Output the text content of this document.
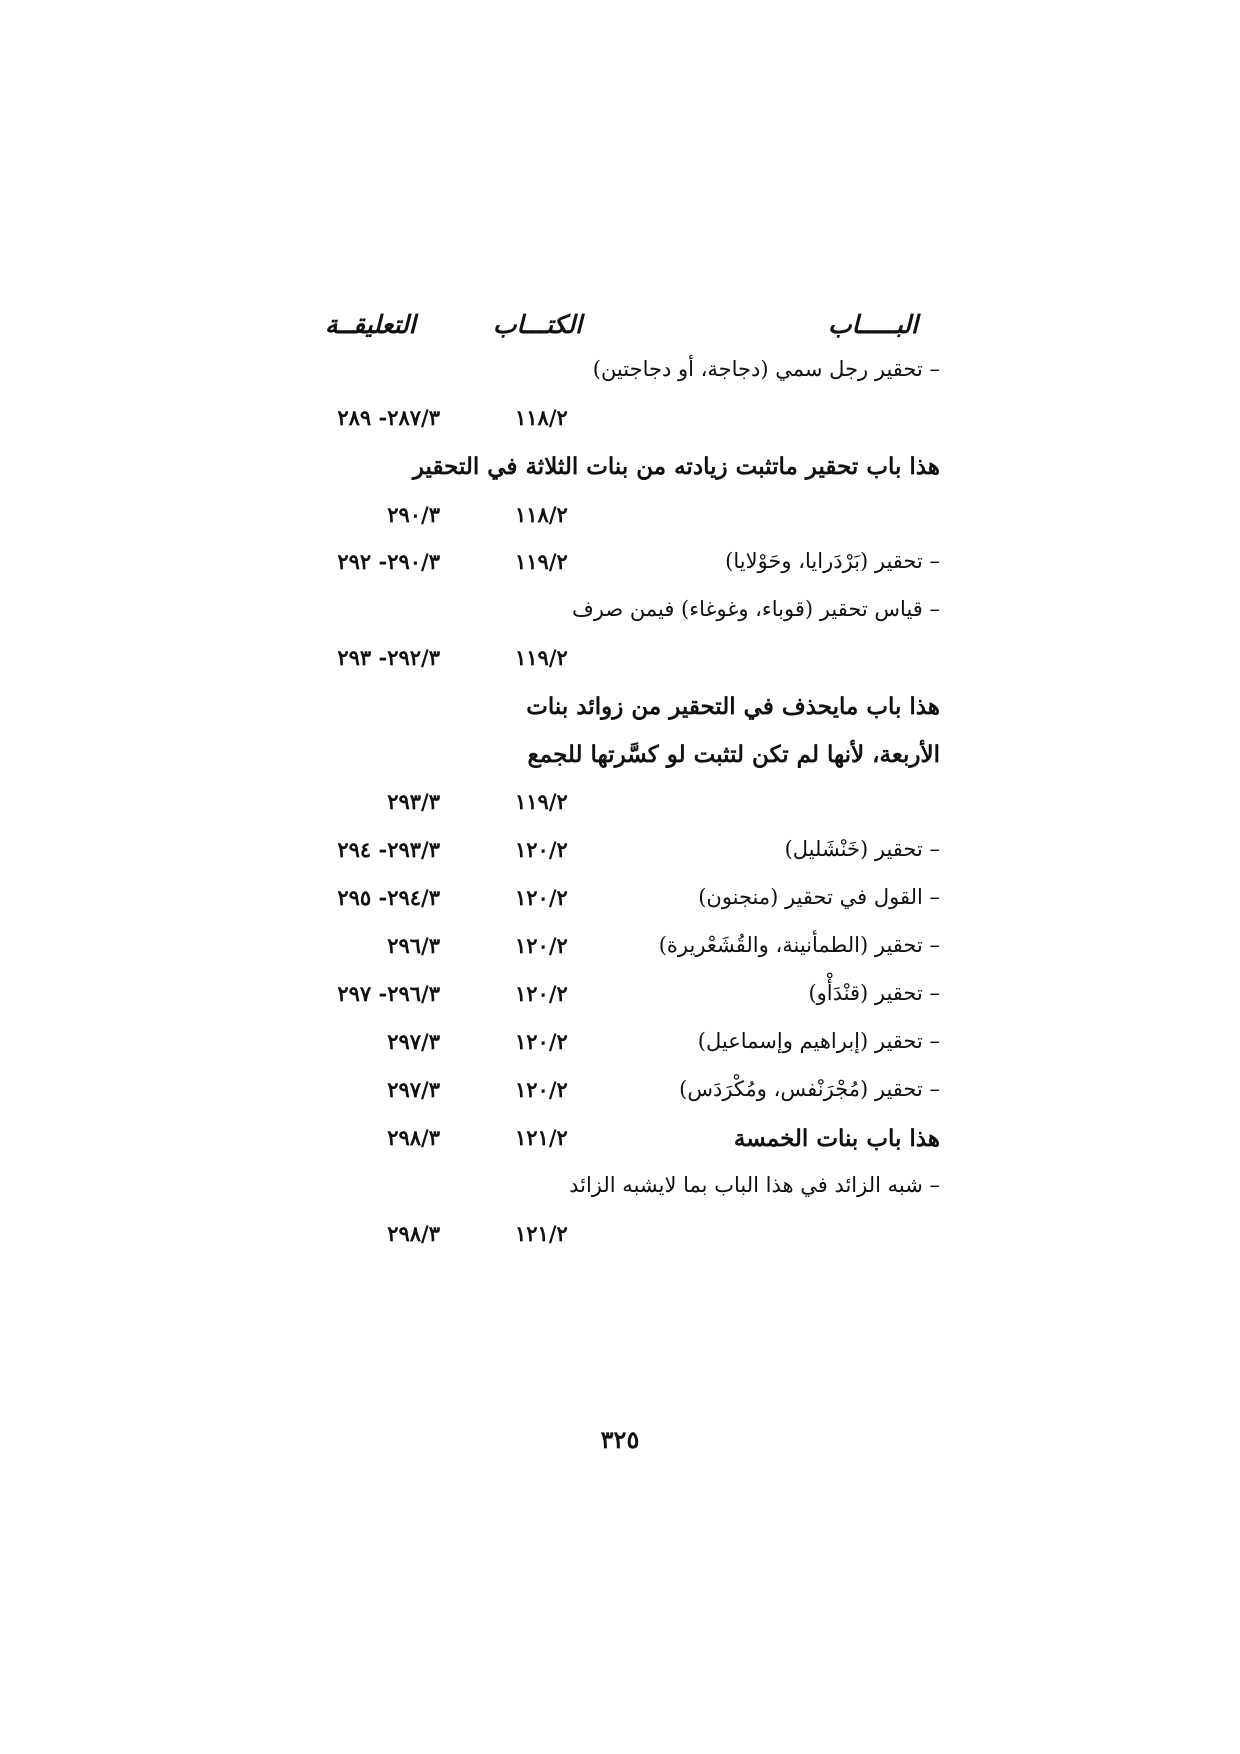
البـــــاب
الكتـــاب
التعليقــة
– تحقير رجل سمي (دجاجة، أو دجاجتين)
١١٨/٢
٢٨٧/٣- ٢٨٩
هذا باب تحقير ماتثبت زيادته من بنات الثلاثة في التحقير
١١٨/٢
٢٩٠/٣
– تحقير (بَرْدَرايا، وحَوْلايا)
١١٩/٢
٢٩٠/٣- ٢٩٢
– قياس تحقير (قوباء، وغوغاء) فيمن صرف
١١٩/٢
٢٩٢/٣- ٢٩٣
هذا باب مايحذف في التحقير من زوائد بنات
الأربعة، لأنها لم تكن لتثبت لو كسَّرتها للجمع
١١٩/٢
٢٩٣/٣
– تحقير (خَنْشَليل)
١٢٠/٢
٢٩٣/٣- ٢٩٤
– القول في تحقير (منجنون)
١٢٠/٢
٢٩٤/٣- ٢٩٥
– تحقير (الطمأنينة، والقُشَعْريرة)
١٢٠/٢
٢٩٦/٣
– تحقير (قنْدَأْو)
١٢٠/٢
٢٩٦/٣- ٢٩٧
– تحقير (إبراهيم وإسماعيل)
١٢٠/٢
٢٩٧/٣
– تحقير (مُجْرَنْفس، ومُكْرَدَس)
١٢٠/٢
٢٩٧/٣
هذا باب بنات الخمسة
١٢١/٢
٢٩٨/٣
– شبه الزائد في هذا الباب بما لايشبه الزائد
١٢١/٢
٢٩٨/٣
٣٢٥
